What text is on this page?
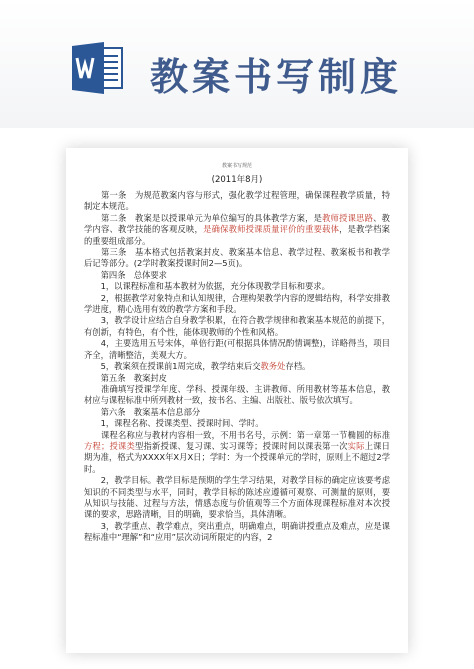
教案书写制度
教案书写规范
(2011年8月)

　　第一条　为规范教案内容与形式，强化教学过程管理，确保课程教学质量，特制定本规范。

　　第二条　教案是以授课单元为单位编写的具体教学方案，是教师授课思路、教学内容、教学技能的客观反映，是确保教师授课质量评价的重要载体，是教学档案的重要组成部分。

　　第三条　基本格式包括教案封皮、教案基本信息、教学过程、教案板书和教学后记等部分。(2学时教案授课时间2—5页)。

　　第四条　总体要求

　　1，以课程标准和基本教材为依据，充分体现教学目标和要求。

　　2，根据教学对象特点和认知规律，合理构架教学内容的逻辑结构，科学安排教学进度，精心选用有效的教学方案和手段。

　　3，教学设计应结合自身教学积累，在符合教学规律和教案基本规范的前提下，有创新，有特色，有个性，能体现教师的个性和风格。

　　4，主要选用五号宋体，单倍行距(可根据具体情况酌情调整)，详略得当，项目齐全，清晰整洁，美观大方。

　　5，教案须在授课前1周完成，教学结束后交教务处存档。

　　第五条　教案封皮

　　准确填写授课学年度、学科、授课年级、主讲教师、所用教材等基本信息，教材应与课程标准中所列教材一致，按书名、主编、出版社、版号依次填写。

　　第六条　教案基本信息部分

　　1，课程名称、授课类型、授课时间、学时。

　　课程名称应与教材内容相一致，不用书名号，示例：第一章第一节椭圆的标准方程；授课类型指新授课、复习课、实习课等；授课时间以课表第一次实际上课日期为准，格式为XXXX年X月X日；学时：为一个授课单元的学时，原则上不超过2学时。

　　2，教学目标。教学目标是预期的学生学习结果，对教学目标的确定应该要考虑知识的不同类型与水平，同时，教学目标的陈述应遵循可观察、可测量的原则，要从知识与技能、过程与方法，情感态度与价值观等三个方面体现课程标准对本次授课的要求，思路清晰，目的明确，要求恰当，具体清晰。

　　3，教学重点、教学难点，突出重点，明确难点，明确讲授重点及难点，应是课程标准中“理解”和“应用”层次动词所限定的内容，2
